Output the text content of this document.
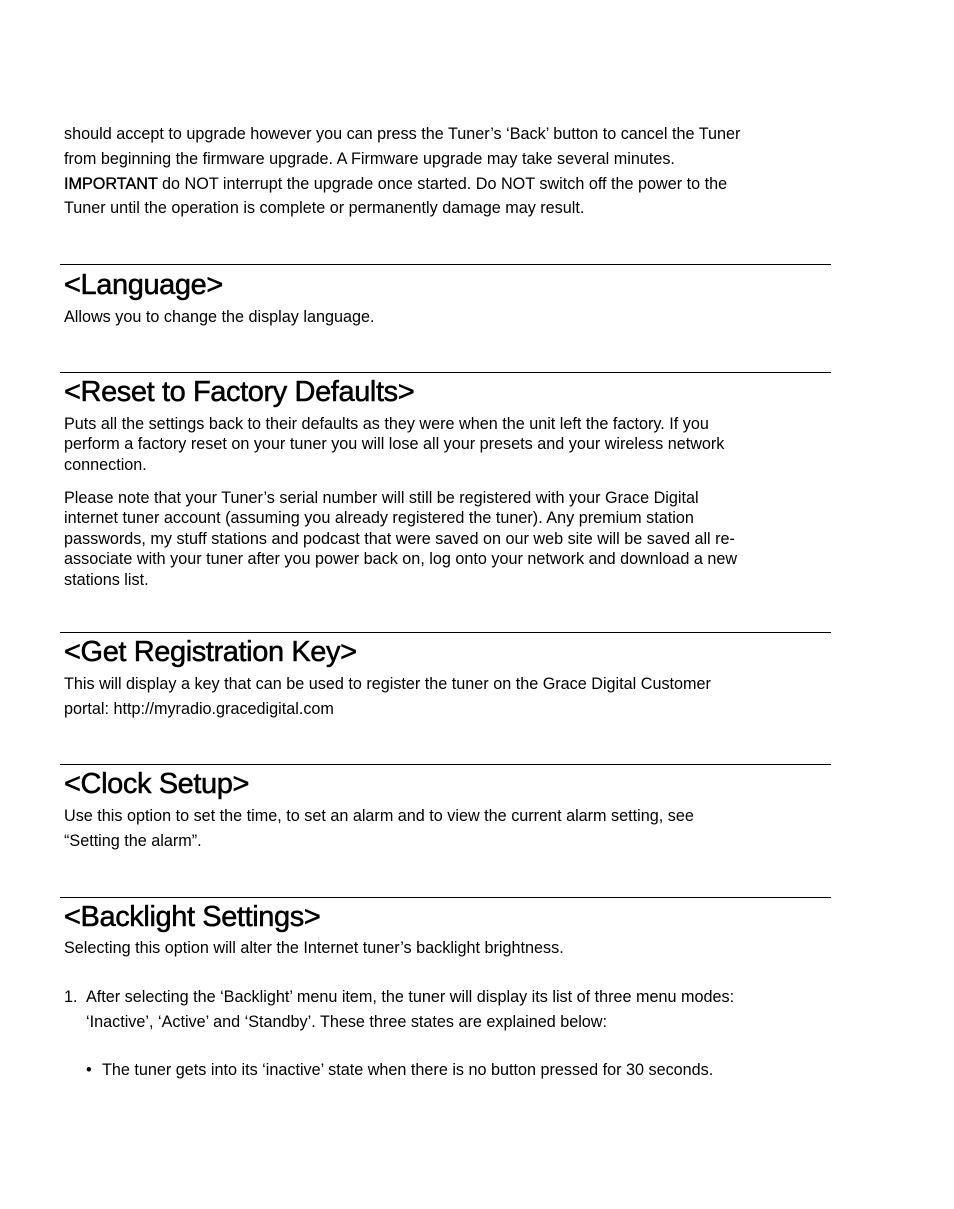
should accept to upgrade however you can press the Tuner’s ‘Back’ button to cancel the Tuner

from beginning the firmware upgrade. A Firmware upgrade may take several minutes.

IMPORTANT do NOT interrupt the upgrade once started. Do NOT switch off the power to the

Tuner until the operation is complete or permanently damage may result.

<Language>

Allows you to change the display language.

<Reset to Factory Defaults>

Puts all the settings back to their defaults as they were when the unit left the factory. If you

perform a factory reset on your tuner you will lose all your presets and your wireless network

connection.

Please note that your Tuner’s serial number will still be registered with your Grace Digital

internet tuner account (assuming you already registered the tuner). Any premium station

passwords, my stuff stations and podcast that were saved on our web site will be saved all re-

associate with your tuner after you power back on, log onto your network and download a new

stations list.

<Get Registration Key>

This will display a key that can be used to register the tuner on the Grace Digital Customer

portal: http://myradio.gracedigital.com

<Clock Setup>

Use this option to set the time, to set an alarm and to view the current alarm setting, see

“Setting the alarm”.

<Backlight Settings>

Selecting this option will alter the Internet tuner’s backlight brightness.

1. After selecting the ‘Backlight’ menu item, the tuner will display its list of three menu modes:

‘Inactive’, ‘Active’ and ‘Standby’. These three states are explained below:

• The tuner gets into its ‘inactive’ state when there is no button pressed for 30 seconds.
